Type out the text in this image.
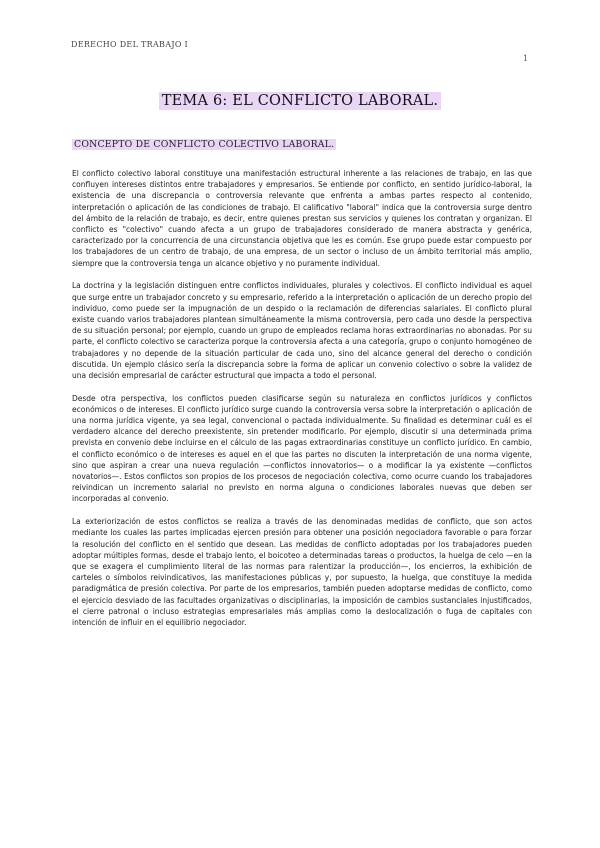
DERECHO DEL TRABAJO I
1
TEMA 6: EL CONFLICTO LABORAL.
CONCEPTO DE CONFLICTO COLECTIVO LABORAL.

El conflicto colectivo laboral constituye una manifestación estructural inherente a las relaciones de trabajo, en las que confluyen intereses distintos entre trabajadores y empresarios. Se entiende por conflicto, en sentido jurídico-laboral, la existencia de una discrepancia o controversia relevante que enfrenta a ambas partes respecto al contenido, interpretación o aplicación de las condiciones de trabajo. El calificativo "laboral" indica que la controversia surge dentro del ámbito de la relación de trabajo, es decir, entre quienes prestan sus servicios y quienes los contratan y organizan. El conflicto es "colectivo" cuando afecta a un grupo de trabajadores considerado de manera abstracta y genérica, caracterizado por la concurrencia de una circunstancia objetiva que les es común. Ese grupo puede estar compuesto por los trabajadores de un centro de trabajo, de una empresa, de un sector o incluso de un ámbito territorial más amplio, siempre que la controversia tenga un alcance objetivo y no puramente individual.

La doctrina y la legislación distinguen entre conflictos individuales, plurales y colectivos. El conflicto individual es aquel que surge entre un trabajador concreto y su empresario, referido a la interpretación o aplicación de un derecho propio del individuo, como puede ser la impugnación de un despido o la reclamación de diferencias salariales. El conflicto plural existe cuando varios trabajadores plantean simultáneamente la misma controversia, pero cada uno desde la perspectiva de su situación personal; por ejemplo, cuando un grupo de empleados reclama horas extraordinarias no abonadas. Por su parte, el conflicto colectivo se caracteriza porque la controversia afecta a una categoría, grupo o conjunto homogéneo de trabajadores y no depende de la situación particular de cada uno, sino del alcance general del derecho o condición discutida. Un ejemplo clásico sería la discrepancia sobre la forma de aplicar un convenio colectivo o sobre la validez de una decisión empresarial de carácter estructural que impacta a todo el personal.

Desde otra perspectiva, los conflictos pueden clasificarse según su naturaleza en conflictos jurídicos y conflictos económicos o de intereses. El conflicto jurídico surge cuando la controversia versa sobre la interpretación o aplicación de una norma jurídica vigente, ya sea legal, convencional o pactada individualmente. Su finalidad es determinar cuál es el verdadero alcance del derecho preexistente, sin pretender modificarlo. Por ejemplo, discutir si una determinada prima prevista en convenio debe incluirse en el cálculo de las pagas extraordinarias constituye un conflicto jurídico. En cambio, el conflicto económico o de intereses es aquel en el que las partes no discuten la interpretación de una norma vigente, sino que aspiran a crear una nueva regulación —conflictos innovatorios— o a modificar la ya existente —conflictos novatorios—. Estos conflictos son propios de los procesos de negociación colectiva, como ocurre cuando los trabajadores reivindican un incremento salarial no previsto en norma alguna o condiciones laborales nuevas que deben ser incorporadas al convenio.

La exteriorización de estos conflictos se realiza a través de las denominadas medidas de conflicto, que son actos mediante los cuales las partes implicadas ejercen presión para obtener una posición negociadora favorable o para forzar la resolución del conflicto en el sentido que desean. Las medidas de conflicto adoptadas por los trabajadores pueden adoptar múltiples formas, desde el trabajo lento, el boicoteo a determinadas tareas o productos, la huelga de celo —en la que se exagera el cumplimiento literal de las normas para ralentizar la producción—, los encierros, la exhibición de carteles o símbolos reivindicativos, las manifestaciones públicas y, por supuesto, la huelga, que constituye la medida paradigmática de presión colectiva. Por parte de los empresarios, también pueden adoptarse medidas de conflicto, como el ejercicio desviado de las facultades organizativas o disciplinarias, la imposición de cambios sustanciales injustificados, el cierre patronal o incluso estrategias empresariales más amplias como la deslocalización o fuga de capitales con intención de influir en el equilibrio negociador.
